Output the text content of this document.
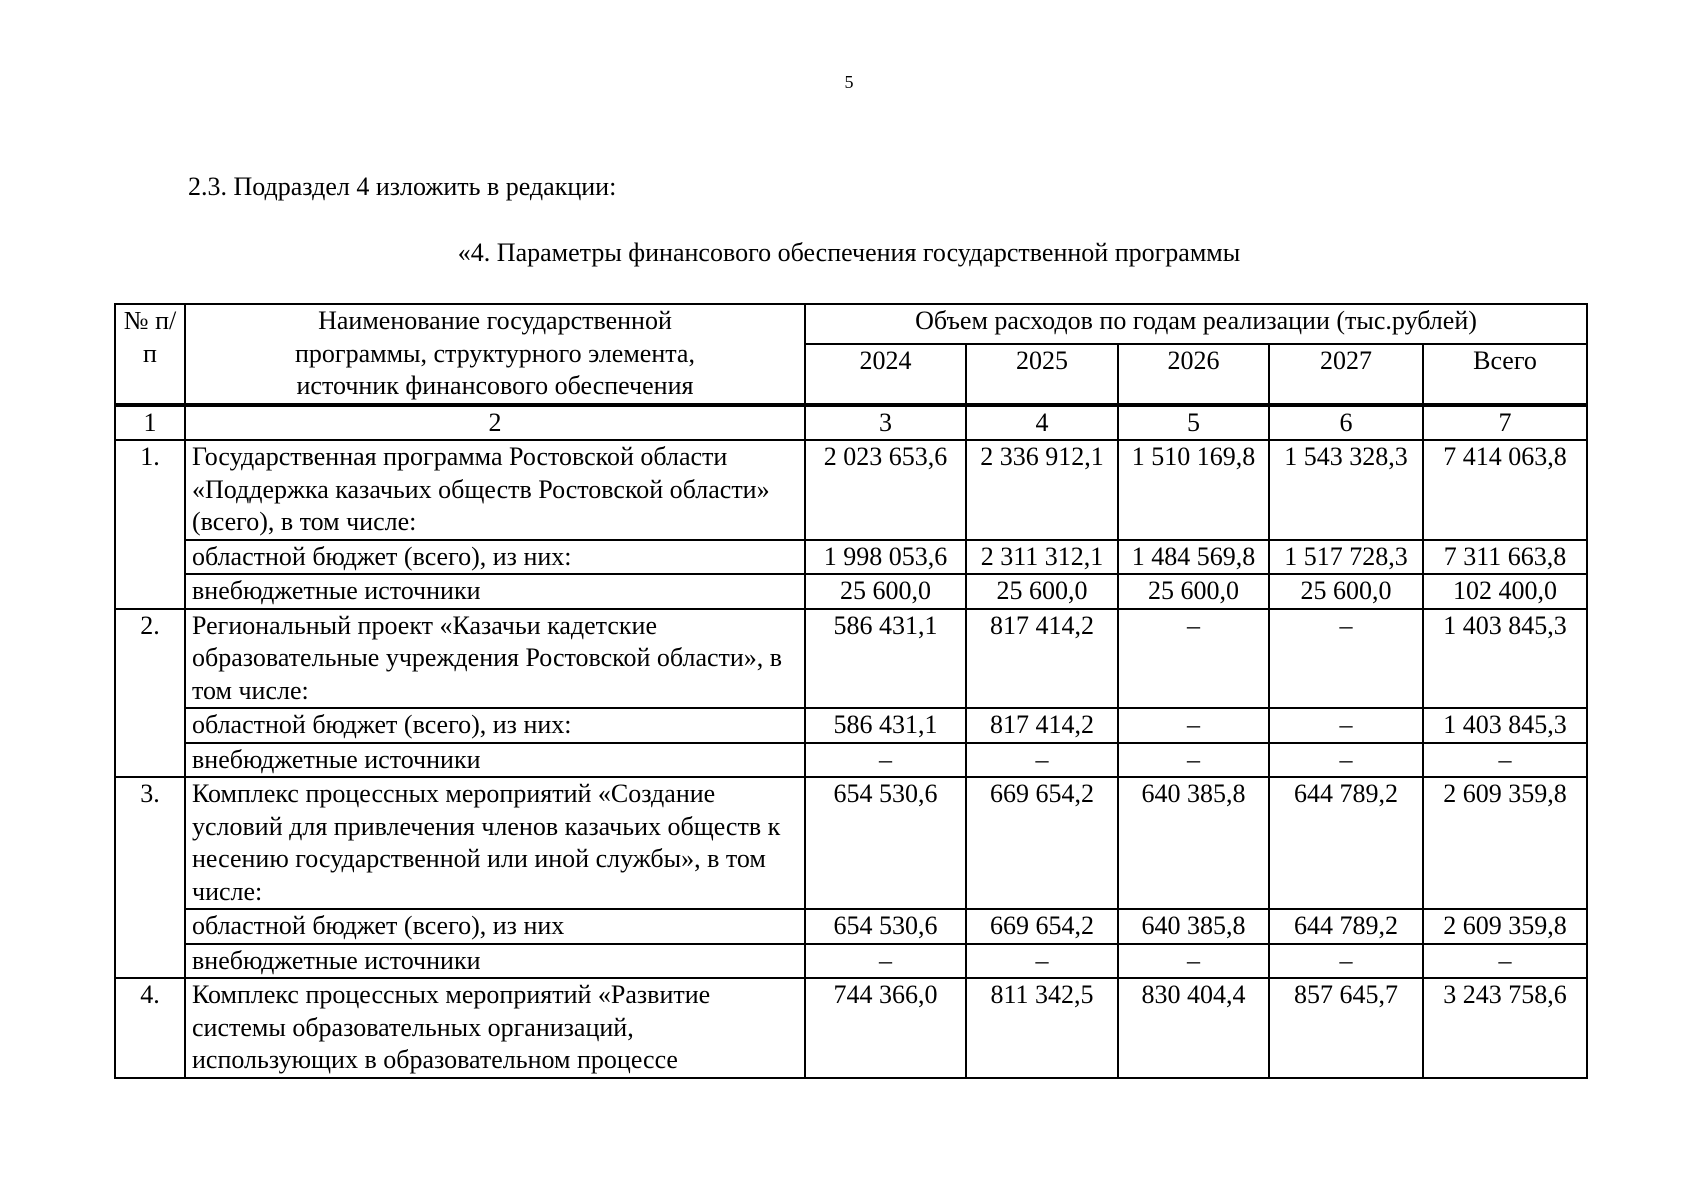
5
2.3. Подраздел 4 изложить в редакции:
«4. Параметры финансового обеспечения государственной программы
№ п/п	Наименование государственной программы, структурного элемента, источник финансового обеспечения	Объем расходов по годам реализации (тыс.рублей)				
		2024	2025	2026	2027	Всего
1	2	3	4	5	6	7
1.	Государственная программа Ростовской области «Поддержка казачьих обществ Ростовской области» (всего), в том числе:	2 023 653,6	2 336 912,1	1 510 169,8	1 543 328,3	7 414 063,8
	областной бюджет (всего), из них:	1 998 053,6	2 311 312,1	1 484 569,8	1 517 728,3	7 311 663,8
	внебюджетные источники	25 600,0	25 600,0	25 600,0	25 600,0	102 400,0
2.	Региональный проект «Казачьи кадетские образовательные учреждения Ростовской области», в том числе:	586 431,1	817 414,2	–	–	1 403 845,3
	областной бюджет (всего), из них:	586 431,1	817 414,2	–	–	1 403 845,3
	внебюджетные источники	–	–	–	–	–
3.	Комплекс процессных мероприятий «Создание условий для привлечения членов казачьих обществ к несению государственной или иной службы», в том числе:	654 530,6	669 654,2	640 385,8	644 789,2	2 609 359,8
	областной бюджет (всего), из них	654 530,6	669 654,2	640 385,8	644 789,2	2 609 359,8
	внебюджетные источники	–	–	–	–	–
4.	Комплекс процессных мероприятий «Развитие системы образовательных организаций, использующих в образовательном процессе	744 366,0	811 342,5	830 404,4	857 645,7	3 243 758,6
